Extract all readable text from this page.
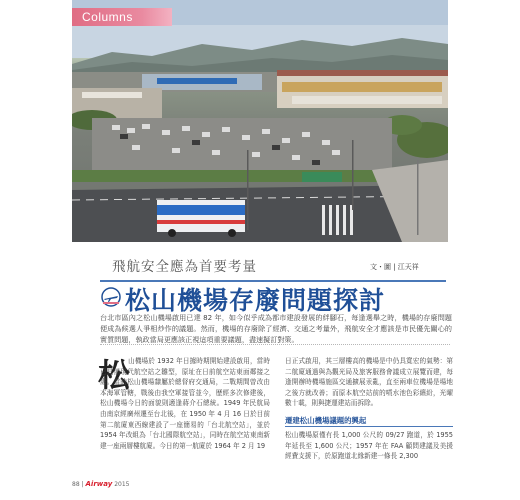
Columns
飛航安全應為首要考量	文・圖 | 江天祥
松山機場存廢問題探討
台北市區內之松山機場啟用已達 82 年，如今似乎成為都市建設發展的絆腳石，每逢選舉之時，機場的存廢問題便成為候選人爭相炒作的議題。然而，機場的存廢除了經濟、交通之考量外，飛航安全才應該是市民優先關心的實質問題，執政當局更應該正視這項重要議題，盡速擬訂對策。
松
山機場於 1932 年日據時期開始建設啟用，當時已具備現代航空站之雛型，原址在日前航空站東面鄰接之處。當時松山機場隸屬於總督府交通局，二戰期間曾改由本海軍管轄，戰後由我空軍接管並今，歷經多次修建後，松山機場今日的面貌則適逢蔣介石總統。1949 年民航局由南京經廣州遷至台北後，在 1950 年 4 月 16 日於目前第二航廈東西線建設了一座簡易的「台北航空站」，並於 1954 年改組為「台北國際航空站」，同時在航空站東南新建一座兩層樓航廈。今日的第一航廈於 1964 年 2 月 19
日正式啟用，其三層樓高的機場是中仍具寬宏的氣勢：第二航廈通過與為觀光局及旅客服務會議成立展覽而建，每逢開辦時機場施區交通擴展汞亂，直至兩車位機場是場地之後方就改善；而原本航空站前的噴水池色彩繽紛，光曜數十載，則與捷運建站而拆除。
遷建松山機場議題的興起
松山機場原僅有長 1,000 公尺的 09/27 跑道，於 1955 年延長至 1,600 公尺；1957 年在 FAA 顧問建議及美援經費支援下，於原跑道北緣新建一條長 2,300
88 | Airway 2015
